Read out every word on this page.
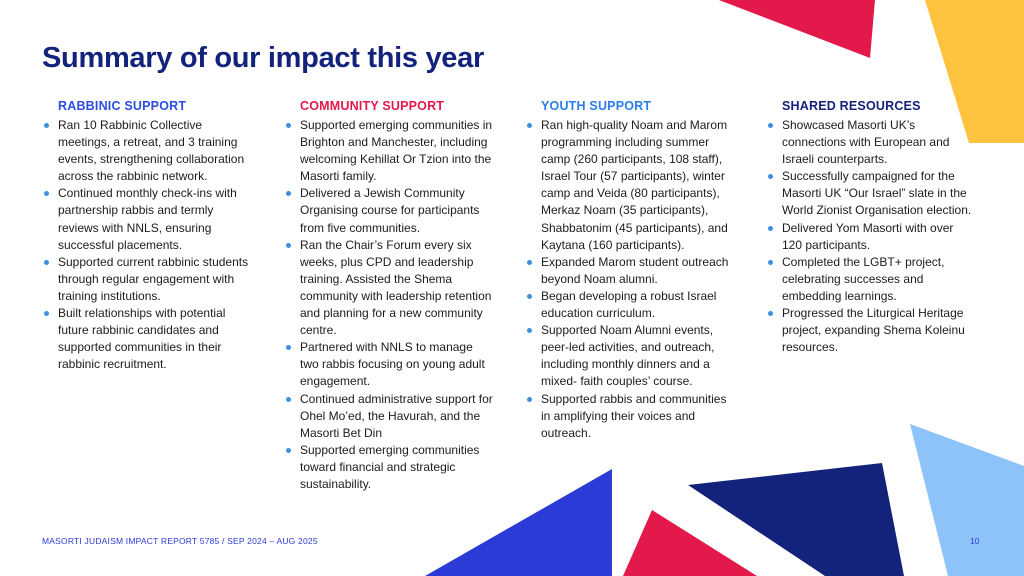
Summary of our impact this year
RABBINIC SUPPORT
Ran 10 Rabbinic Collective meetings, a retreat, and 3 training events, strengthening collaboration across the rabbinic network.
Continued monthly check-ins with partnership rabbis and termly reviews with NNLS, ensuring successful placements.
Supported current rabbinic students through regular engagement with training institutions.
Built relationships with potential future rabbinic candidates and supported communities in their rabbinic recruitment.
COMMUNITY SUPPORT
Supported emerging communities in Brighton and Manchester, including welcoming Kehillat Or Tzion into the Masorti family.
Delivered a Jewish Community Organising course for participants from five communities.
Ran the Chair’s Forum every six weeks, plus CPD and leadership training. Assisted the Shema community with leadership retention and planning for a new community centre.
Partnered with NNLS to manage two rabbis focusing on young adult engagement.
Continued administrative support for Ohel Mo’ed, the Havurah, and the Masorti Bet Din
Supported emerging communities toward financial and strategic sustainability.
YOUTH SUPPORT
Ran high-quality Noam and Marom programming including summer camp (260 participants, 108 staff), Israel Tour (57 participants), winter camp and Veida (80 participants), Merkaz Noam (35 participants), Shabbatonim (45 participants), and Kaytana (160 participants).
Expanded Marom student outreach beyond Noam alumni.
Began developing a robust Israel education curriculum.
Supported Noam Alumni events, peer-led activities, and outreach, including monthly dinners and a mixed- faith couples’ course.
Supported rabbis and communities in amplifying their voices and outreach.
SHARED RESOURCES
Showcased Masorti UK’s connections with European and Israeli counterparts.
Successfully campaigned for the Masorti UK “Our Israel” slate in the World Zionist Organisation election.
Delivered Yom Masorti with over 120 participants.
Completed the LGBT+ project, celebrating successes and embedding learnings.
Progressed the Liturgical Heritage project, expanding Shema Koleinu resources.
MASORTI JUDAISM IMPACT REPORT 5785 / SEP 2024 – AUG 2025	10
